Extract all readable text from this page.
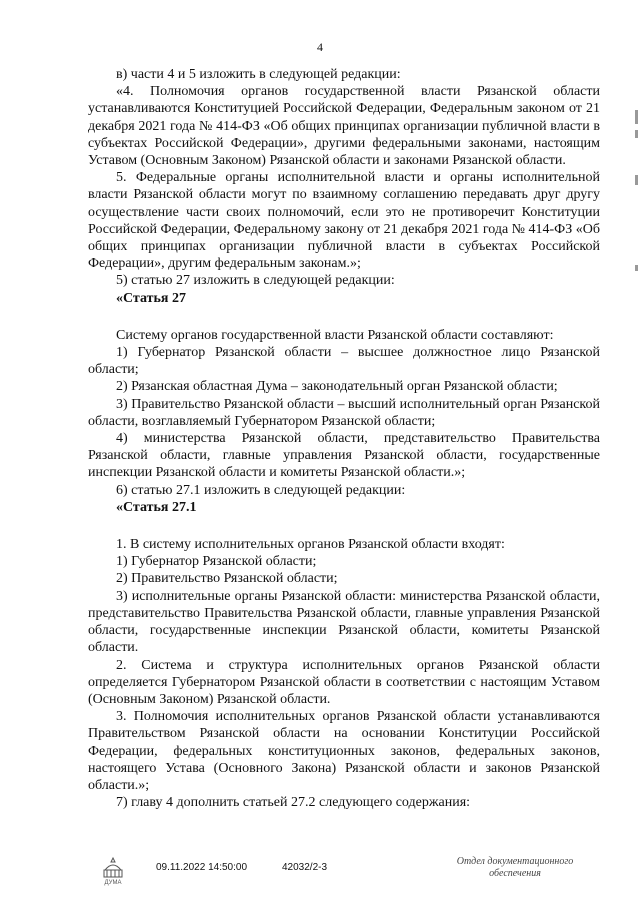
4

в) части 4 и 5 изложить в следующей редакции:

«4. Полномочия органов государственной власти Рязанской области устанавливаются Конституцией Российской Федерации, Федеральным законом от 21 декабря 2021 года № 414-ФЗ «Об общих принципах организации публичной власти в субъектах Российской Федерации», другими федеральными законами, настоящим Уставом (Основным Законом) Рязанской области и законами Рязанской области.

5. Федеральные органы исполнительной власти и органы исполнительной власти Рязанской области могут по взаимному соглашению передавать друг другу осуществление части своих полномочий, если это не противоречит Конституции Российской Федерации, Федеральному закону от 21 декабря 2021 года № 414-ФЗ «Об общих принципах организации публичной власти в субъектах Российской Федерации», другим федеральным законам.»;

5) статью 27 изложить в следующей редакции:

«Статья 27

Систему органов государственной власти Рязанской области составляют:

1) Губернатор Рязанской области – высшее должностное лицо Рязанской области;

2) Рязанская областная Дума – законодательный орган Рязанской области;

3) Правительство Рязанской области – высший исполнительный орган Рязанской области, возглавляемый Губернатором Рязанской области;

4) министерства Рязанской области, представительство Правительства Рязанской области, главные управления Рязанской области, государственные инспекции Рязанской области и комитеты Рязанской области.»;

6) статью 27.1 изложить в следующей редакции:

«Статья 27.1

1. В систему исполнительных органов Рязанской области входят:

1) Губернатор Рязанской области;

2) Правительство Рязанской области;

3) исполнительные органы Рязанской области: министерства Рязанской области, представительство Правительства Рязанской области, главные управления Рязанской области, государственные инспекции Рязанской области, комитеты Рязанской области.

2. Система и структура исполнительных органов Рязанской области определяется Губернатором Рязанской области в соответствии с настоящим Уставом (Основным Законом) Рязанской области.

3. Полномочия исполнительных органов Рязанской области устанавливаются Правительством Рязанской области на основании Конституции Российской Федерации, федеральных конституционных законов, федеральных законов, настоящего Устава (Основного Закона) Рязанской области и законов Рязанской области.»;

7) главу 4 дополнить статьей 27.2 следующего содержания:

ДУМА
09.11.2022 14:50:00	42032/2-3
Отдел документационного
обеспечения
